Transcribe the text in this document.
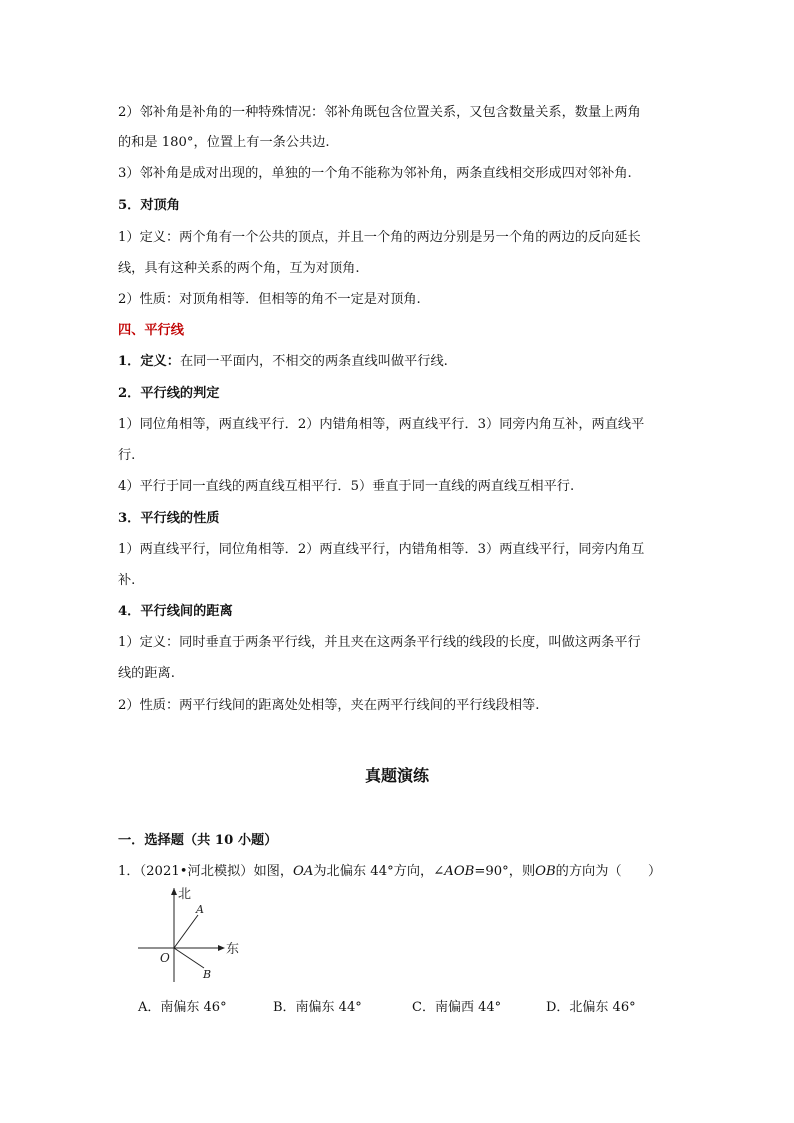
2）邻补角是补角的一种特殊情况：邻补角既包含位置关系，又包含数量关系，数量上两角
的和是 180°，位置上有一条公共边.
3）邻补角是成对出现的，单独的一个角不能称为邻补角，两条直线相交形成四对邻补角.
5．对顶角
1）定义：两个角有一个公共的顶点，并且一个角的两边分别是另一个角的两边的反向延长
线，具有这种关系的两个角，互为对顶角.
2）性质：对顶角相等．但相等的角不一定是对顶角.
四、平行线
1．定义：在同一平面内，不相交的两条直线叫做平行线.
2．平行线的判定
1）同位角相等，两直线平行．2）内错角相等，两直线平行．3）同旁内角互补，两直线平
行.
4）平行于同一直线的两直线互相平行．5）垂直于同一直线的两直线互相平行.
3．平行线的性质
1）两直线平行，同位角相等．2）两直线平行，内错角相等．3）两直线平行，同旁内角互
补.
4．平行线间的距离
1）定义：同时垂直于两条平行线，并且夹在这两条平行线的线段的长度，叫做这两条平行
线的距离.
2）性质：两平行线间的距离处处相等，夹在两平行线间的平行线段相等.
真题演练
一．选择题（共 10 小题）
1．（2021•河北模拟）如图，OA为北偏东 44°方向，∠AOB=90°，则OB的方向为（　　）
北
东
O
A
B
A．南偏东 46°	B．南偏东 44°	C．南偏西 44°	D．北偏东 46°
